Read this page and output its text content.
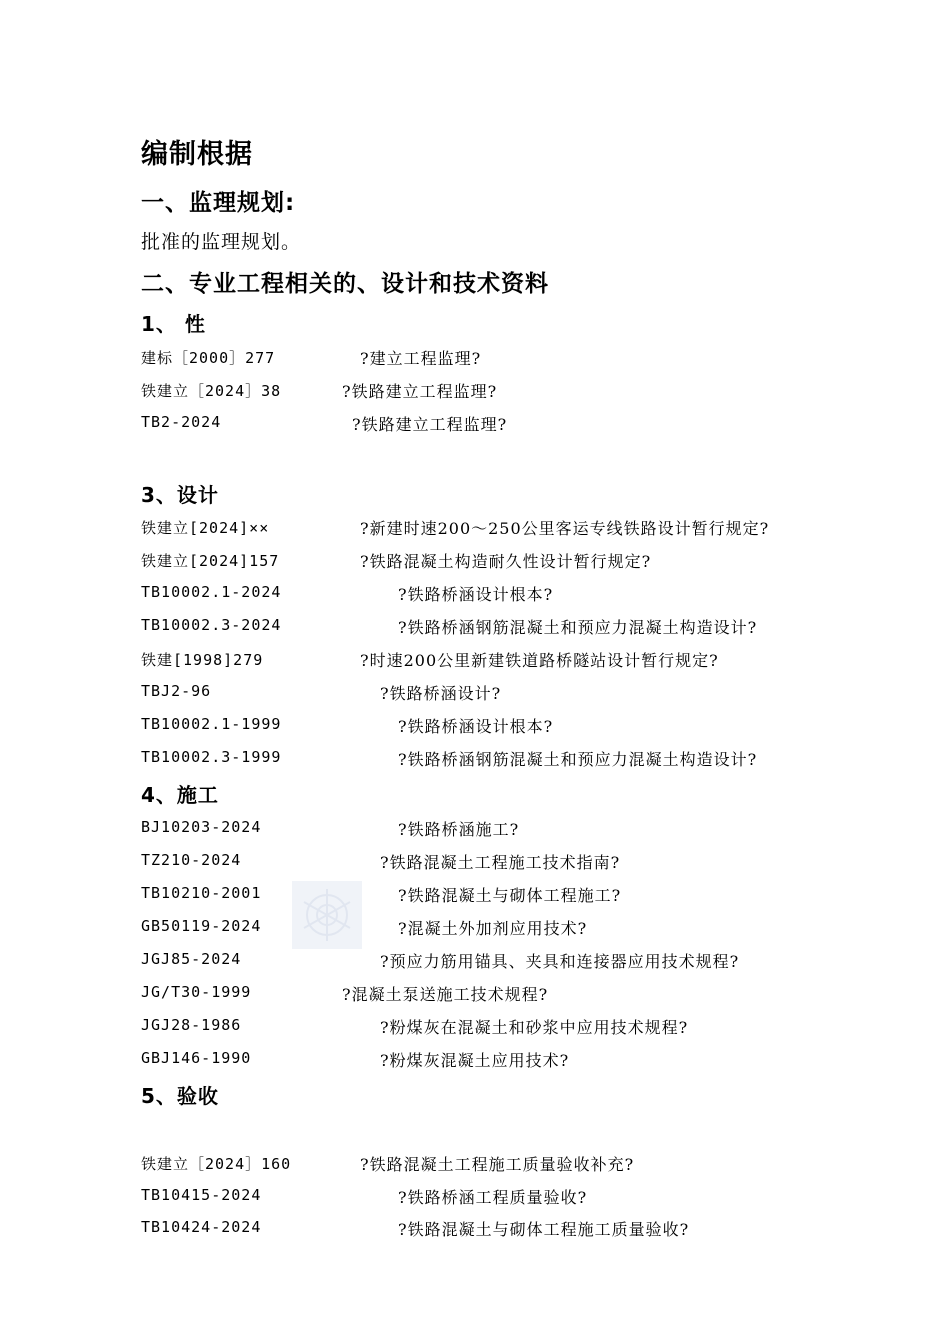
编制根据
一、监理规划:
批准的监理规划。
二、专业工程相关的、设计和技术资料
1、 性
建标［2000］277	?建立工程监理?
铁建立［2024］38	?铁路建立工程监理?
TB2-2024	?铁路建立工程监理?
3、设计
铁建立[2024]××	?新建时速200～250公里客运专线铁路设计暂行规定?
铁建立[2024]157	?铁路混凝土构造耐久性设计暂行规定?
TB10002.1-2024	?铁路桥涵设计根本?
TB10002.3-2024	?铁路桥涵钢筋混凝土和预应力混凝土构造设计?
铁建[1998]279	?时速200公里新建铁道路桥隧站设计暂行规定?
TBJ2-96	?铁路桥涵设计?
TB10002.1-1999	?铁路桥涵设计根本?
TB10002.3-1999	?铁路桥涵钢筋混凝土和预应力混凝土构造设计?
4、施工
BJ10203-2024	?铁路桥涵施工?
TZ210-2024	?铁路混凝土工程施工技术指南?
TB10210-2001	?铁路混凝土与砌体工程施工?
GB50119-2024	?混凝土外加剂应用技术?
JGJ85-2024	?预应力筋用锚具、夹具和连接器应用技术规程?
JG/T30-1999	?混凝土泵送施工技术规程?
JGJ28-1986	?粉煤灰在混凝土和砂浆中应用技术规程?
GBJ146-1990	?粉煤灰混凝土应用技术?
5、验收
铁建立［2024］160	?铁路混凝土工程施工质量验收补充?
TB10415-2024	?铁路桥涵工程质量验收?
TB10424-2024	?铁路混凝土与砌体工程施工质量验收?
